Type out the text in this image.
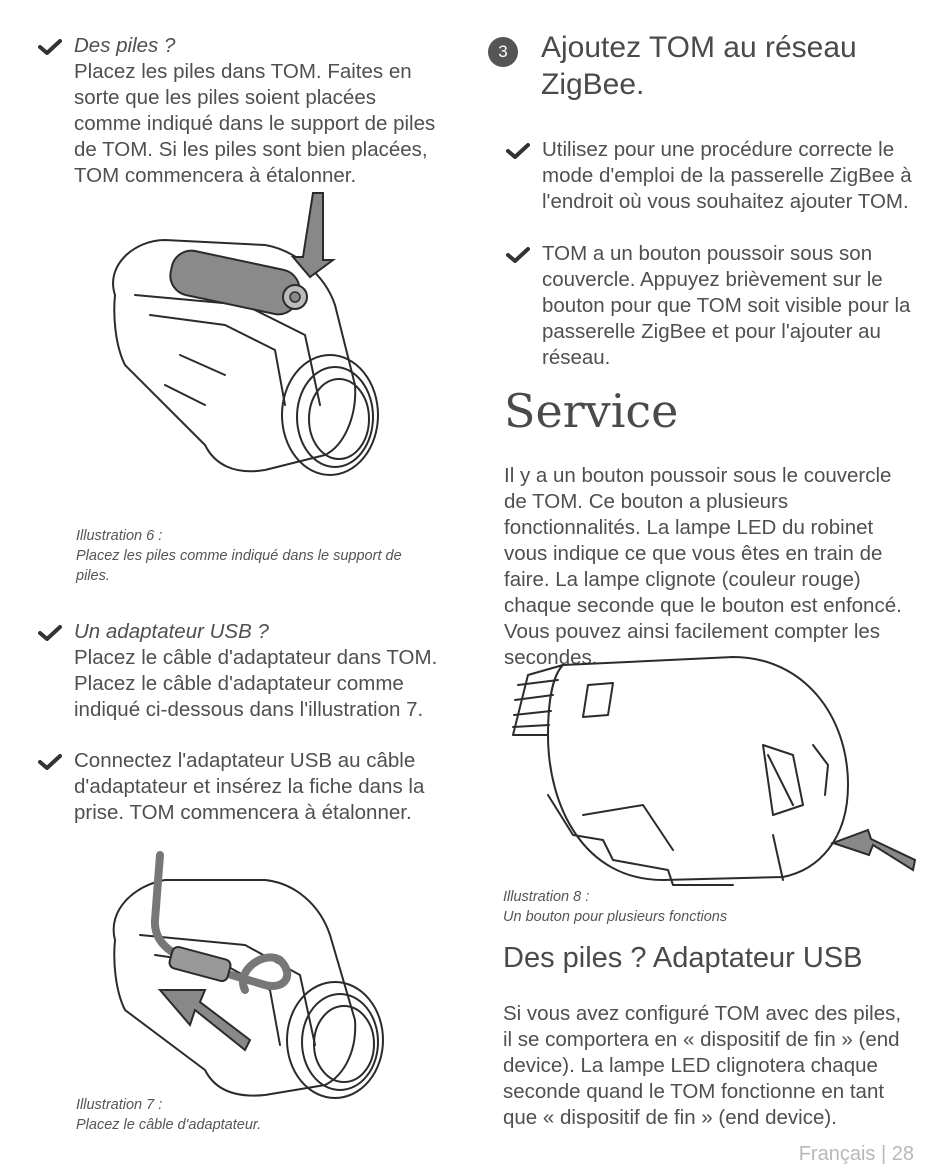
Des piles ?
Placez les piles dans TOM. Faites en sorte que les piles soient placées comme indiqué dans le support de piles de TOM. Si les piles sont bien placées, TOM commencera à étalonner.
Illustration 6 :
Placez les piles comme indiqué dans le support de piles.
Un adaptateur USB ?
Placez le câble d'adaptateur dans TOM. Placez le câble d'adaptateur comme indiqué ci-dessous dans l'illustration 7.
Connectez l'adaptateur USB au câble d'adaptateur et insérez la fiche dans la prise. TOM commencera à étalonner.
Illustration 7 :
Placez le câble d'adaptateur.
3	Ajoutez TOM au réseau ZigBee.
Utilisez pour une procédure correcte le mode d'emploi de la passerelle ZigBee à l'endroit où vous souhaitez ajouter TOM.
TOM a un bouton poussoir sous son couvercle. Appuyez brièvement sur le bouton pour que TOM soit visible pour la passerelle ZigBee et pour l'ajouter au réseau.
Service
Il y a un bouton poussoir sous le couvercle de TOM. Ce bouton a plusieurs fonctionnalités. La lampe LED du robinet vous indique ce que vous êtes en train de faire. La lampe clignote (couleur rouge) chaque seconde que le bouton est enfoncé. Vous pouvez ainsi facilement compter les secondes.
Illustration 8 :
Un bouton pour plusieurs fonctions
Des piles ? Adaptateur USB
Si vous avez configuré TOM avec des piles, il se comportera en « dispositif de fin » (end device). La lampe LED clignotera chaque seconde quand le TOM fonctionne en tant que « dispositif de fin » (end device).
Français | 28
